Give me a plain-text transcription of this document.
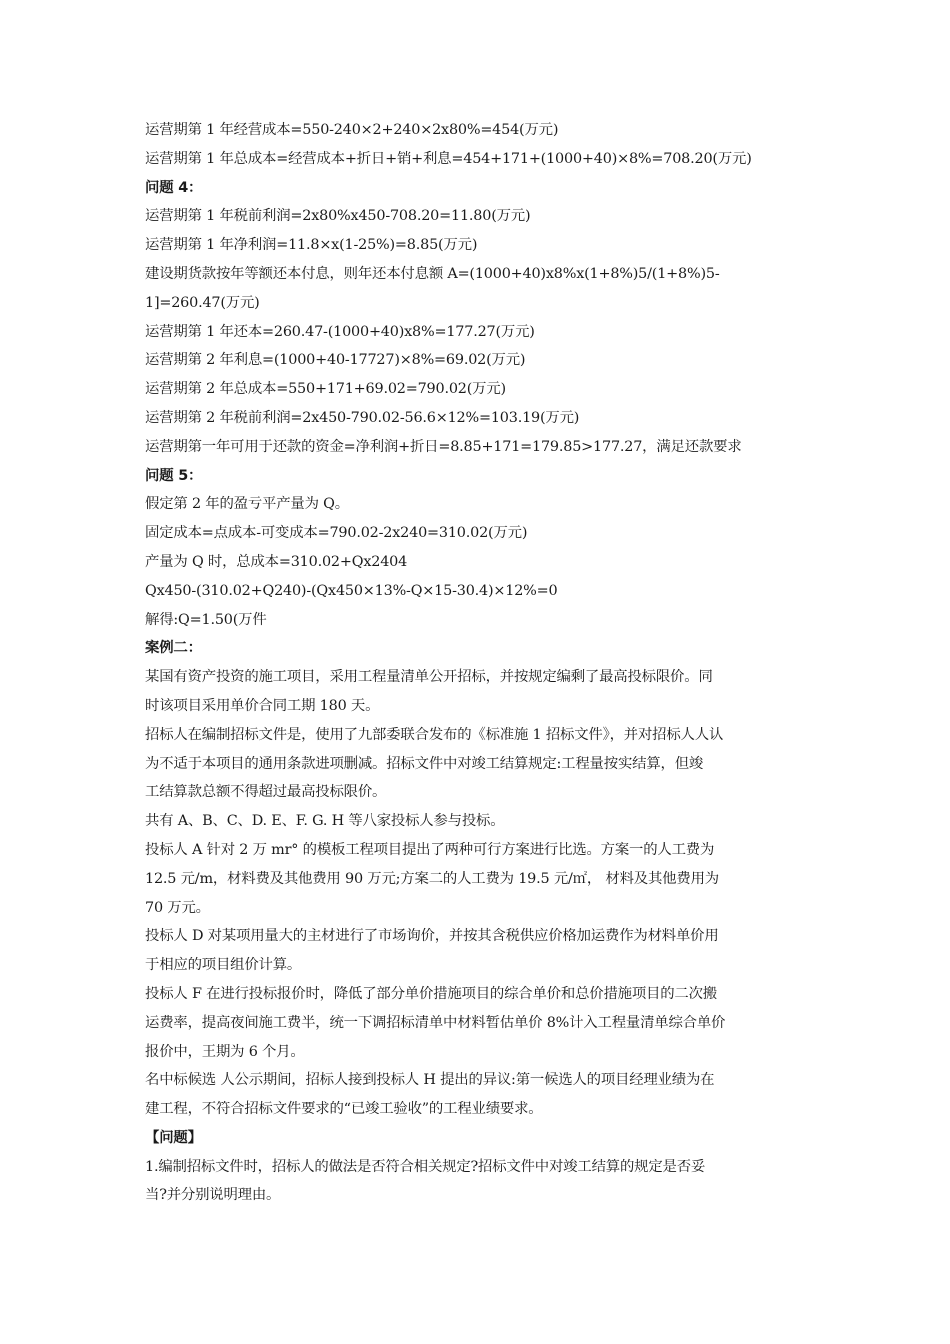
运营期第 1 年经营成本=550-240×2+240×2x80%=454(万元)
运营期第 1 年总成本=经营成本+折日+销+利息=454+171+(1000+40)×8%=708.20(万元)
问题 4：
运营期第 1 年税前利润=2x80%x450-708.20=11.80(万元)
运营期第 1 年净利润=11.8×x(1-25%)=8.85(万元)
建设期货款按年等额还本付息，则年还本付息额 A=(1000+40)x8%x(1+8%)5/(1+8%)5-
1]=260.47(万元)
运营期第 1 年还本=260.47-(1000+40)x8%=177.27(万元)
运营期第 2 年利息=(1000+40-17727)×8%=69.02(万元)
运营期第 2 年总成本=550+171+69.02=790.02(万元)
运营期第 2 年税前利润=2x450-790.02-56.6×12%=103.19(万元)
运营期第一年可用于还款的资金=净利润+折日=8.85+171=179.85>177.27，满足还款要求
问题 5：
假定第 2 年的盈亏平产量为 Q。
固定成本=点成本-可变成本=790.02-2x240=310.02(万元)
产量为 Q 时，总成本=310.02+Qx2404
Qx450-(310.02+Q240)-(Qx450×13%-Q×15-30.4)×12%=0
解得:Q=1.50(万件
案例二：
某国有资产投资的施工项目，采用工程量清单公开招标，并按规定编剩了最高投标限价。同
时该项目采用单价合同工期 180 天。
招标人在编制招标文件是，使用了九部委联合发布的《标准施 1 招标文件》，并对招标人人认
为不适于本项目的通用条款进项删减。招标文件中对竣工结算规定:工程量按实结算，但竣
工结算款总额不得超过最高投标限价。
共有 A、B、C、D. E、F. G. H 等八家投标人参与投标。
投标人 A 针对 2 万 mr° 的模板工程项目提出了两种可行方案进行比选。方案一的人工费为
12.5 元/m，材料费及其他费用 90 万元;方案二的人工费为 19.5 元/㎡， 材料及其他费用为
70 万元。
投标人 D 对某项用量大的主材进行了市场询价，并按其含税供应价格加运费作为材料单价用
于相应的项目组价计算。
投标人 F 在进行投标报价时，降低了部分单价措施项目的综合单价和总价措施项目的二次搬
运费率，提高夜间施工费半，统一下调招标清单中材料暂估单价 8%计入工程量清单综合单价
报价中，王期为 6 个月。
名中标候选 人公示期间，招标人接到投标人 H 提出的异议:第一候选人的项目经理业绩为在
建工程，不符合招标文件要求的“已竣工验收”的工程业绩要求。
【问题】
1.编制招标文件时，招标人的做法是否符合相关规定?招标文件中对竣工结算的规定是否妥
当?并分别说明理由。
